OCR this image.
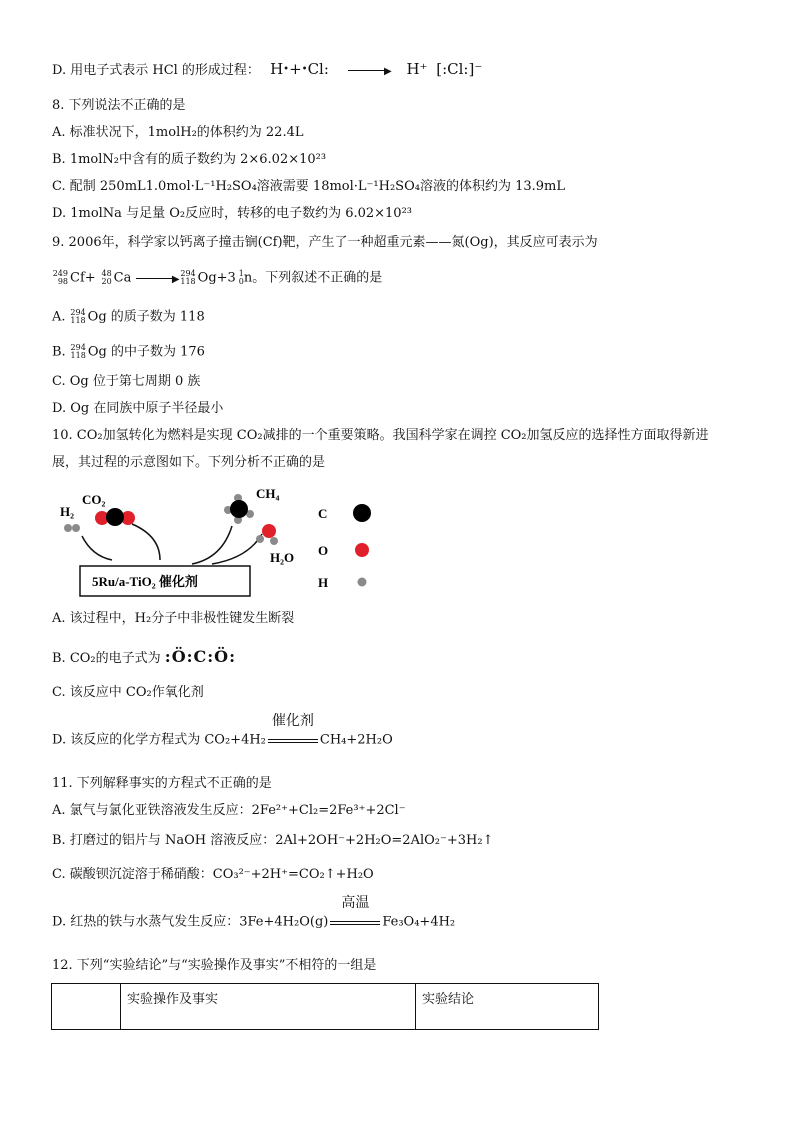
D. 用电子式表示 HCl 的形成过程： H•+•Cl:	▶ H⁺ [:Cl:]⁻
8. 下列说法不正确的是
A. 标准状况下，1molH₂的体积约为 22.4L
B. 1molN₂中含有的质子数约为 2×6.02×10²³
C. 配制 250mL1.0mol·L⁻¹H₂SO₄溶液需要 18mol·L⁻¹H₂SO₄溶液的体积约为 13.9mL
D. 1molNa 与足量 O₂反应时，转移的电子数约为 6.02×10²³
9. 2006年，科学家以钙离子撞击锎(Cf)靶，产生了一种超重元素——氮(Og)，其反应可表示为
249
98 Cf+ 48
20 Ca	▶
294
118 Og+3 1
0 n。下列叙述不正确的是
A. 294
118 Og 的质子数为 118
B. 294
118 Og 的中子数为 176
C. Og 位于第七周期 0 族
D. Og 在同族中原子半径最小
10. CO₂加氢转化为燃料是实现 CO₂减排的一个重要策略。我国科学家在调控 CO₂加氢反应的选择性方面取得新进
展，其过程的示意图如下。下列分析不正确的是
H₂
CO₂
5Ru/a-TiO₂ 催化剂
CH₄
H₂O
C
O
H
A. 该过程中，H₂分子中非极性键发生断裂
B. CO₂的电子式为 :Ö:C:Ö:
C. 该反应中 CO₂作氧化剂
D. 该反应的化学方程式为 CO₂+4H₂
催化剂
CH₄+2H₂O
11. 下列解释事实的方程式不正确的是
A. 氯气与氯化亚铁溶液发生反应：2Fe²⁺+Cl₂=2Fe³⁺+2Cl⁻
B. 打磨过的铝片与 NaOH 溶液反应：2Al+2OH⁻+2H₂O=2AlO₂⁻+3H₂↑
C. 碳酸钡沉淀溶于稀硝酸：CO₃²⁻+2H⁺=CO₂↑+H₂O
D. 红热的铁与水蒸气发生反应：3Fe+4H₂O(g)
高温
Fe₃O₄+4H₂
12. 下列“实验结论”与“实验操作及事实”不相符的一组是
	实验操作及事实	实验结论
